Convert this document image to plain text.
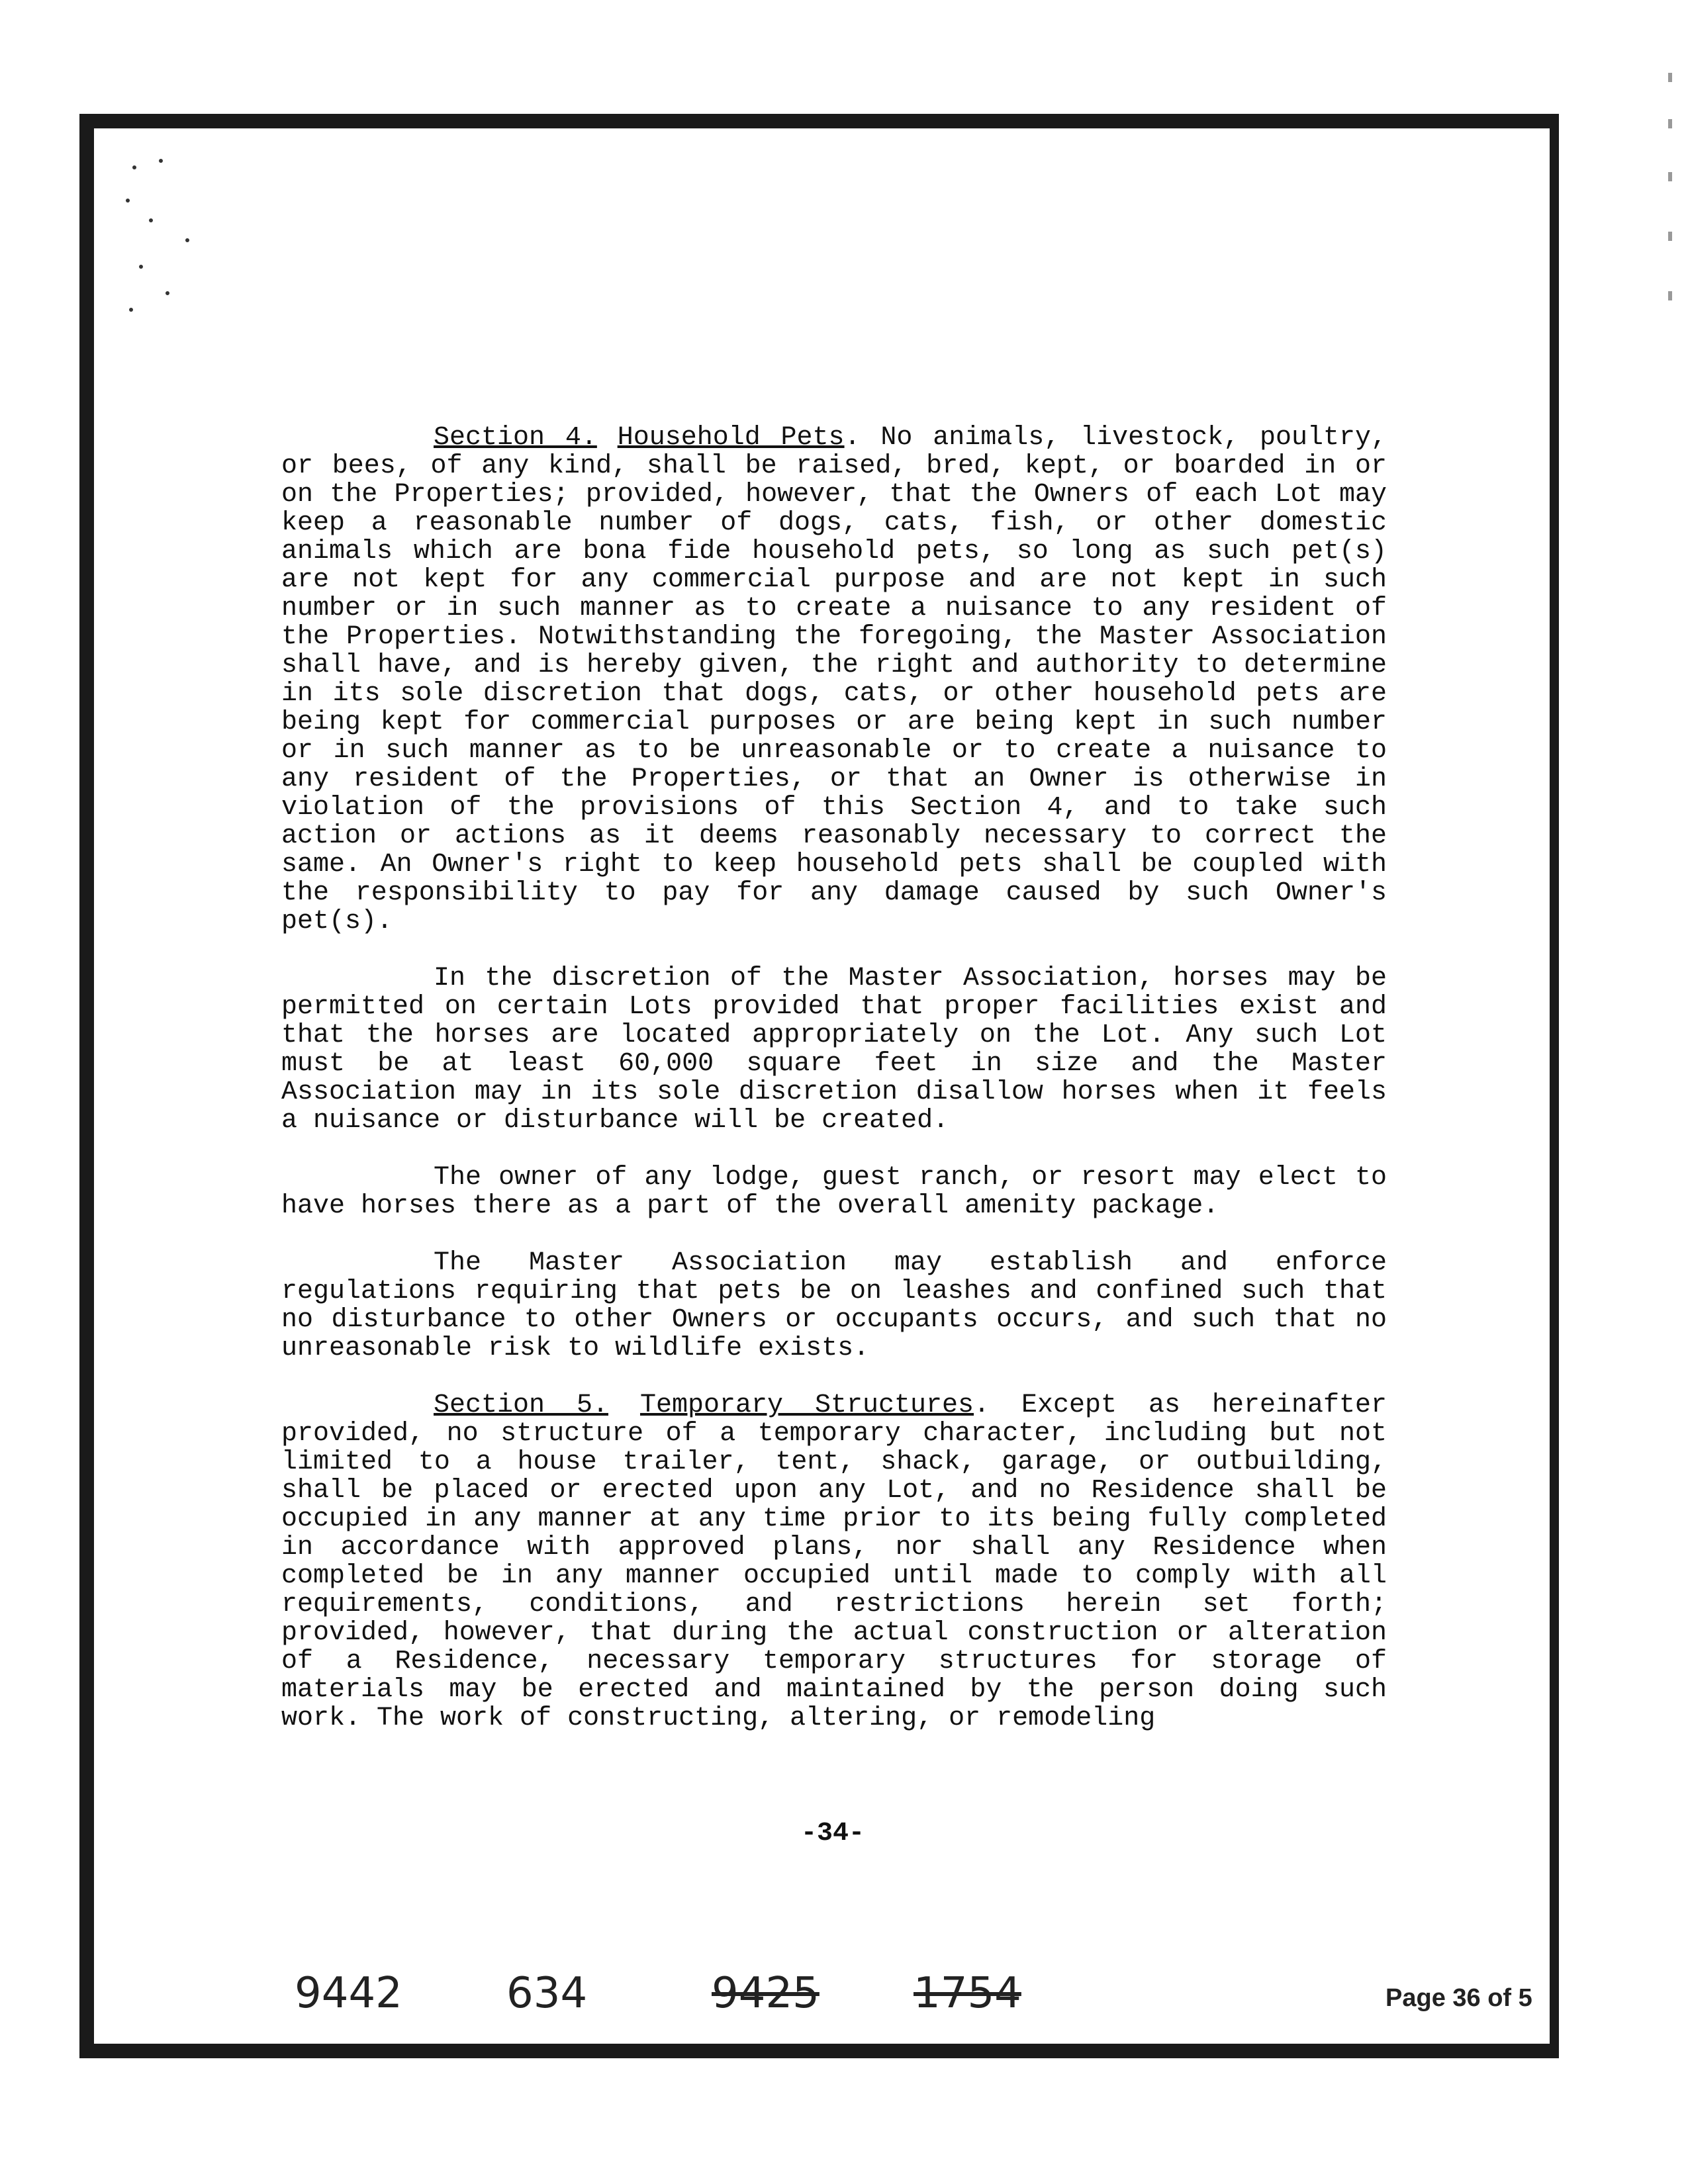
Section 4. Household Pets. No animals, livestock, poultry, or bees, of any kind, shall be raised, bred, kept, or boarded in or on the Properties; provided, however, that the Owners of each Lot may keep a reasonable number of dogs, cats, fish, or other domestic animals which are bona fide household pets, so long as such pet(s) are not kept for any commercial purpose and are not kept in such number or in such manner as to create a nuisance to any resident of the Properties. Notwithstanding the foregoing, the Master Association shall have, and is hereby given, the right and authority to determine in its sole discretion that dogs, cats, or other household pets are being kept for commercial purposes or are being kept in such number or in such manner as to be unreasonable or to create a nuisance to any resident of the Properties, or that an Owner is otherwise in violation of the provisions of this Section 4, and to take such action or actions as it deems reasonably necessary to correct the same. An Owner's right to keep household pets shall be coupled with the responsibility to pay for any damage caused by such Owner's pet(s).

In the discretion of the Master Association, horses may be permitted on certain Lots provided that proper facilities exist and that the horses are located appropriately on the Lot. Any such Lot must be at least 60,000 square feet in size and the Master Association may in its sole discretion disallow horses when it feels a nuisance or disturbance will be created.

The owner of any lodge, guest ranch, or resort may elect to have horses there as a part of the overall amenity package.

The Master Association may establish and enforce regulations requiring that pets be on leashes and confined such that no disturbance to other Owners or occupants occurs, and such that no unreasonable risk to wildlife exists.

Section 5. Temporary Structures. Except as hereinafter provided, no structure of a temporary character, including but not limited to a house trailer, tent, shack, garage, or outbuilding, shall be placed or erected upon any Lot, and no Residence shall be occupied in any manner at any time prior to its being fully completed in accordance with approved plans, nor shall any Residence when completed be in any manner occupied until made to comply with all requirements, conditions, and restrictions herein set forth; provided, however, that during the actual construction or alteration of a Residence, necessary temporary structures for storage of materials may be erected and maintained by the person doing such work. The work of constructing, altering, or remodeling

-34-
9442 634	9425 1754	Page 36 of 5
